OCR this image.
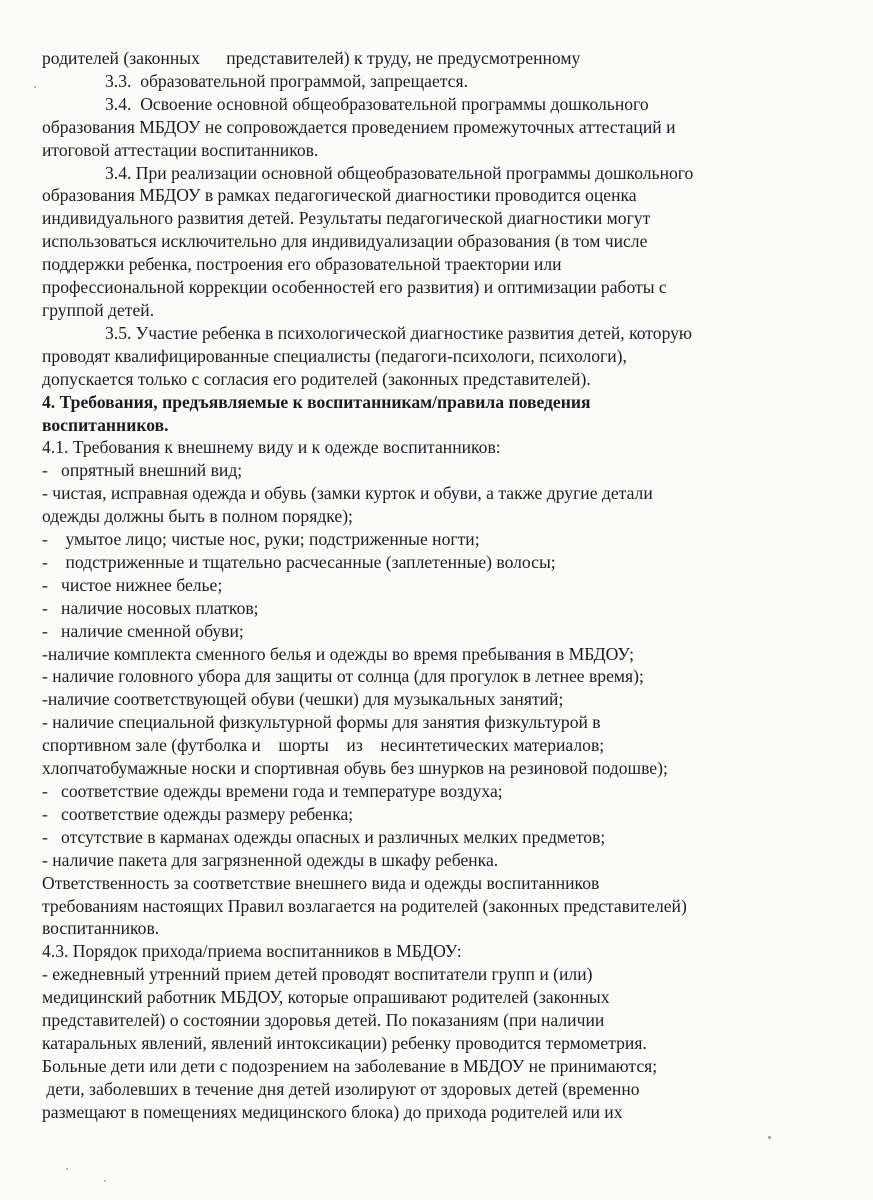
родителей (законных      представителей) к труду, не предусмотренному
3.3.  образовательной программой, запрещается.
3.4.  Освоение основной общеобразовательной программы дошкольного
образования МБДОУ не сопровождается проведением промежуточных аттестаций и
итоговой аттестации воспитанников.
3.4. При реализации основной общеобразовательной программы дошкольного
образования МБДОУ в рамках педагогической диагностики проводится оценка
индивидуального развития детей. Результаты педагогической диагностики могут
использоваться исключительно для индивидуализации образования (в том числе
поддержки ребенка, построения его образовательной траектории или
профессиональной коррекции особенностей его развития) и оптимизации работы с
группой детей.
3.5. Участие ребенка в психологической диагностике развития детей, которую
проводят квалифицированные специалисты (педагоги-психологи, психологи),
допускается только с согласия его родителей (законных представителей).
4. Требования, предъявляемые к воспитанникам/правила поведения
воспитанников.
4.1. Требования к внешнему виду и к одежде воспитанников:
-   опрятный внешний вид;
- чистая, исправная одежда и обувь (замки курток и обуви, а также другие детали
одежды должны быть в полном порядке);
-    умытое лицо; чистые нос, руки; подстриженные ногти;
-    подстриженные и тщательно расчесанные (заплетенные) волосы;
-   чистое нижнее белье;
-   наличие носовых платков;
-   наличие сменной обуви;
-наличие комплекта сменного белья и одежды во время пребывания в МБДОУ;
- наличие головного убора для защиты от солнца (для прогулок в летнее время);
-наличие соответствующей обуви (чешки) для музыкальных занятий;
- наличие специальной физкультурной формы для занятия физкультурой в
спортивном зале (футболка и    шорты    из    несинтетических материалов;
хлопчатобумажные носки и спортивная обувь без шнурков на резиновой подошве);
-   соответствие одежды времени года и температуре воздуха;
-   соответствие одежды размеру ребенка;
-   отсутствие в карманах одежды опасных и различных мелких предметов;
- наличие пакета для загрязненной одежды в шкафу ребенка.
Ответственность за соответствие внешнего вида и одежды воспитанников
требованиям настоящих Правил возлагается на родителей (законных представителей)
воспитанников.
4.3. Порядок прихода/приема воспитанников в МБДОУ:
- ежедневный утренний прием детей проводят воспитатели групп и (или)
медицинский работник МБДОУ, которые опрашивают родителей (законных
представителей) о состоянии здоровья детей. По показаниям (при наличии
катаральных явлений, явлений интоксикации) ребенку проводится термометрия.
Больные дети или дети с подозрением на заболевание в МБДОУ не принимаются;
дети, заболевших в течение дня детей изолируют от здоровых детей (временно
размещают в помещениях медицинского блока) до прихода родителей или их
